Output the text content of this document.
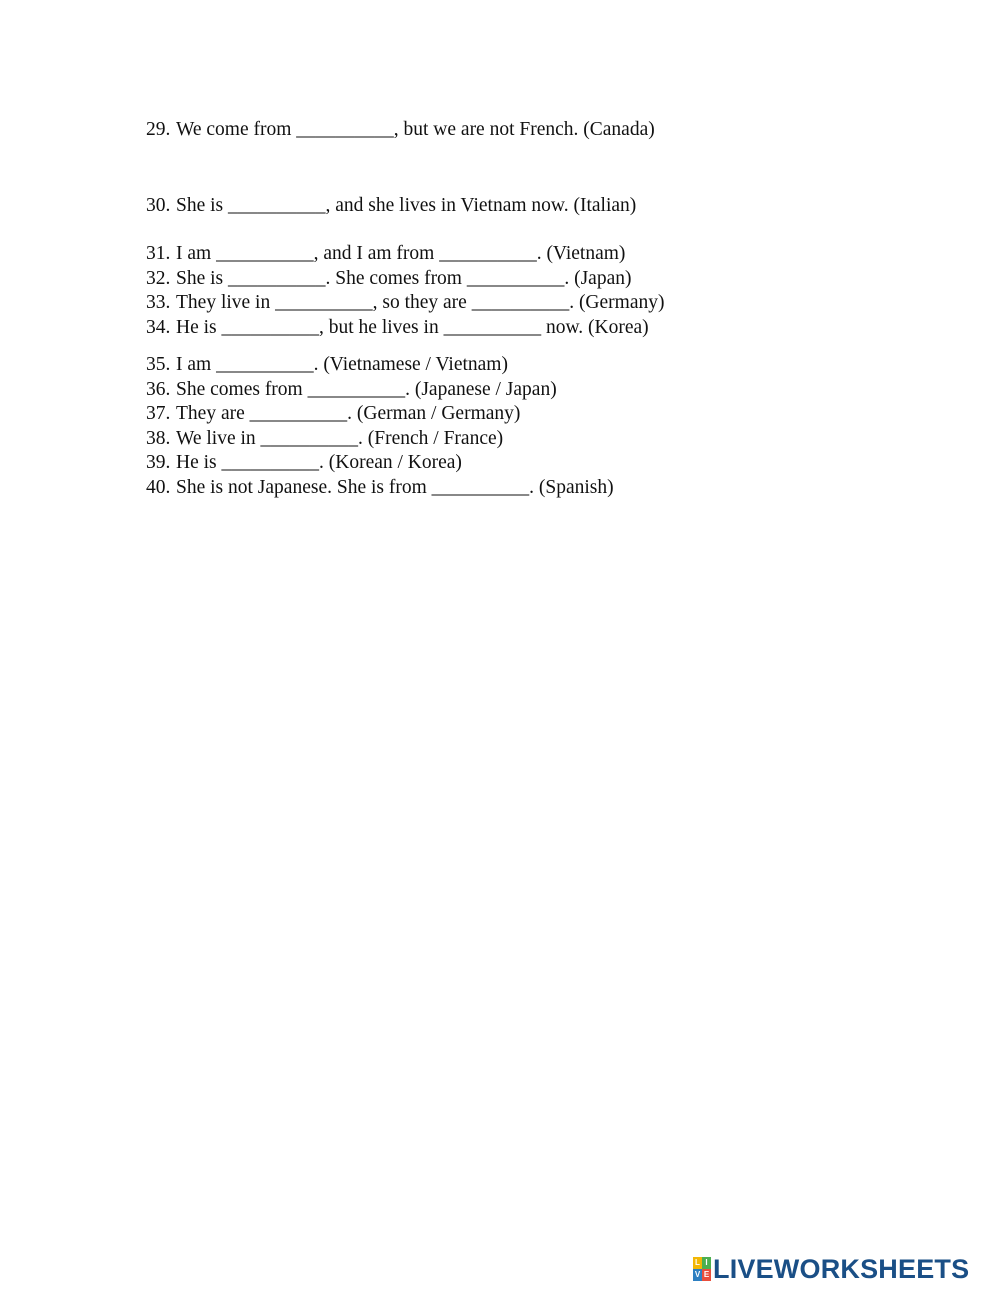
29. We come from __________, but we are not French. (Canada)
30. She is __________, and she lives in Vietnam now. (Italian)
31. I am __________, and I am from __________. (Vietnam)
32. She is __________. She comes from __________. (Japan)
33. They live in __________, so they are __________. (Germany)
34. He is __________, but he lives in __________ now. (Korea)
35. I am __________. (Vietnamese / Vietnam)
36. She comes from __________. (Japanese / Japan)
37. They are __________. (German / Germany)
38. We live in __________. (French / France)
39. He is __________. (Korean / Korea)
40. She is not Japanese. She is from __________. (Spanish)
L I
V E LIVEWORKSHEETS
